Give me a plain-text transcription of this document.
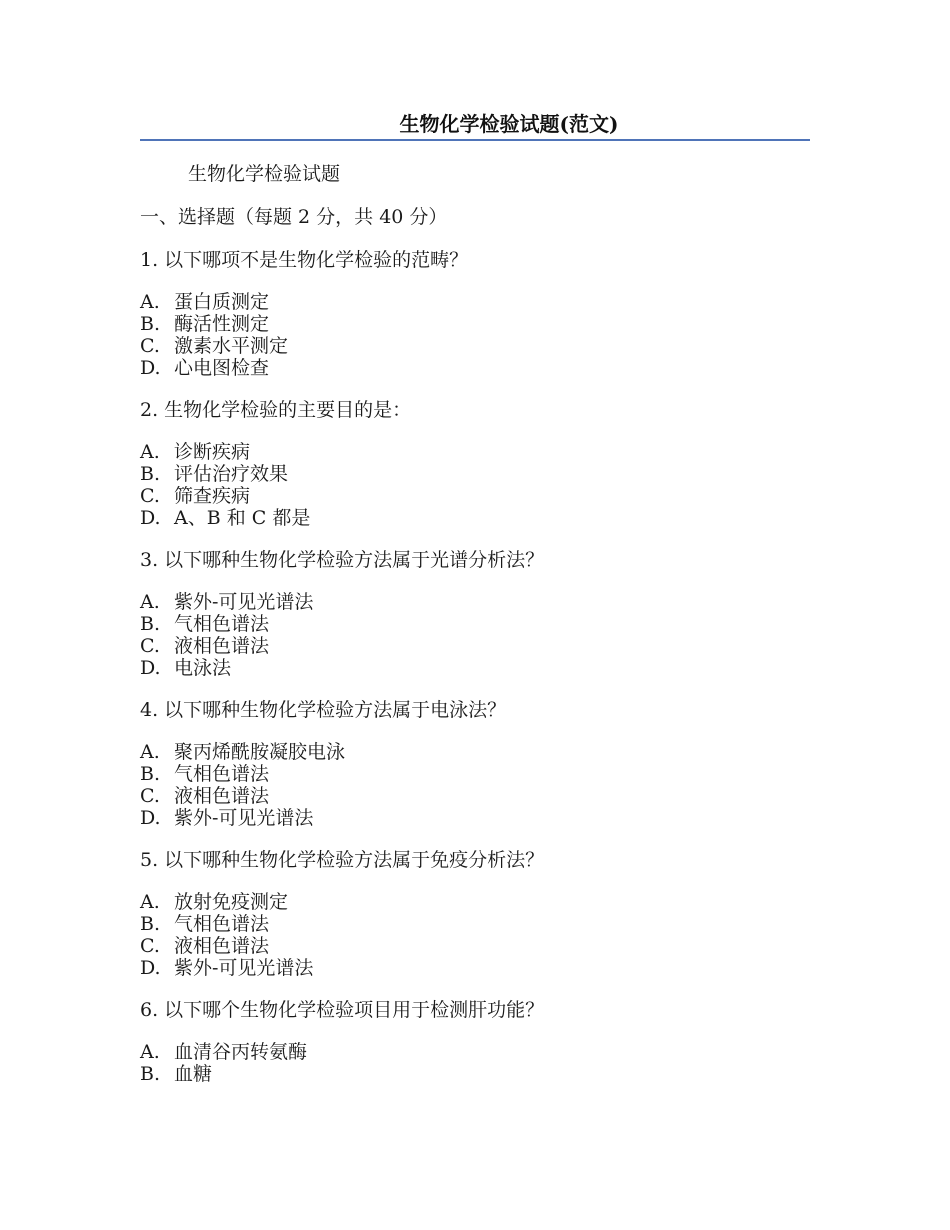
生物化学检验试题(范文)
生物化学检验试题
一、选择题（每题 2 分，共 40 分）
1. 以下哪项不是生物化学检验的范畴？
A. 蛋白质测定
B. 酶活性测定
C. 激素水平测定
D. 心电图检查
2. 生物化学检验的主要目的是：
A. 诊断疾病
B. 评估治疗效果
C. 筛查疾病
D. A、B 和 C 都是
3. 以下哪种生物化学检验方法属于光谱分析法？
A. 紫外-可见光谱法
B. 气相色谱法
C. 液相色谱法
D. 电泳法
4. 以下哪种生物化学检验方法属于电泳法？
A. 聚丙烯酰胺凝胶电泳
B. 气相色谱法
C. 液相色谱法
D. 紫外-可见光谱法
5. 以下哪种生物化学检验方法属于免疫分析法？
A. 放射免疫测定
B. 气相色谱法
C. 液相色谱法
D. 紫外-可见光谱法
6. 以下哪个生物化学检验项目用于检测肝功能？
A. 血清谷丙转氨酶
B. 血糖
